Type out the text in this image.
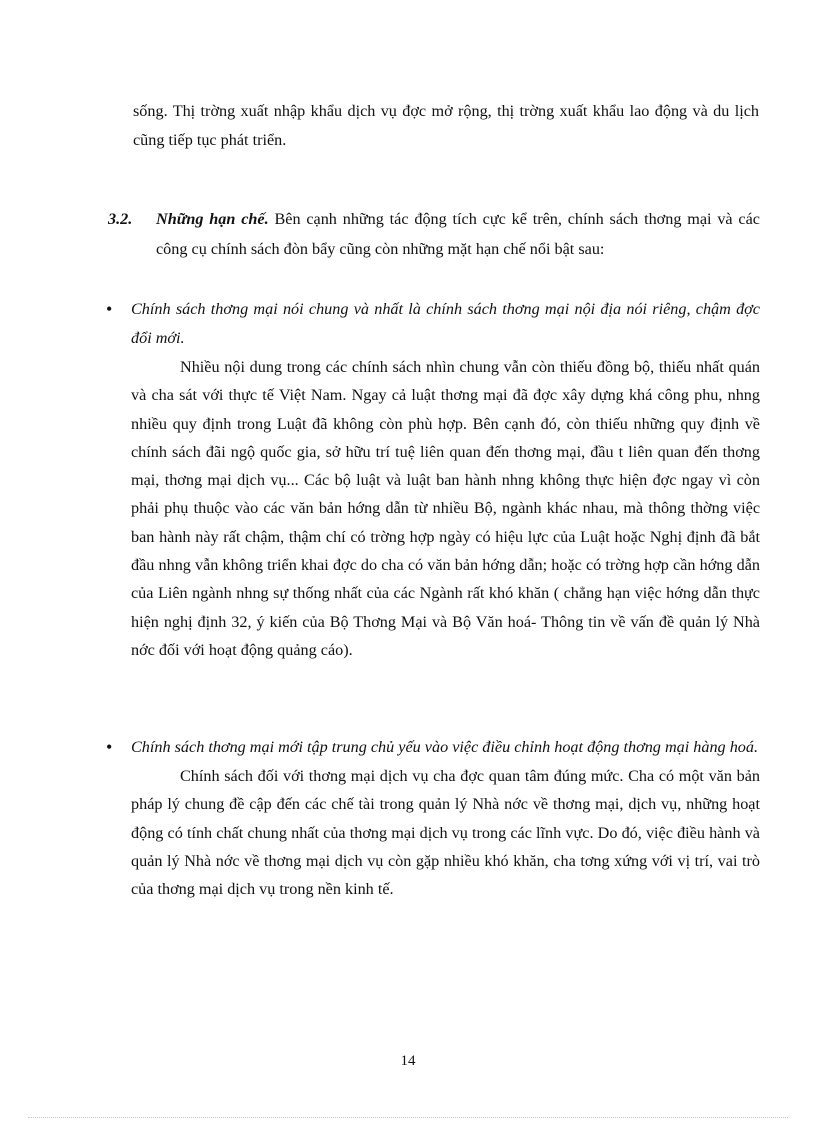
sống. Thị trờng xuất nhập khẩu dịch vụ đợc mở rộng, thị trờng xuất khẩu lao động và du lịch cũng tiếp tục phát triển.

3.2. Những hạn chế. Bên cạnh những tác động tích cực kể trên, chính sách thơng mại và các công cụ chính sách đòn bẩy cũng còn những mặt hạn chế nổi bật sau:

• Chính sách thơng mại nói chung và nhất là chính sách thơng mại nội địa nói riêng, chậm đợc đổi mới.

Nhiều nội dung trong các chính sách nhìn chung vẫn còn thiếu đồng bộ, thiếu nhất quán và cha sát với thực tế Việt Nam. Ngay cả luật thơng mại đã đợc xây dựng khá công phu, nhng nhiều quy định trong Luật đã không còn phù hợp. Bên cạnh đó, còn thiếu những quy định về chính sách đãi ngộ quốc gia, sở hữu trí tuệ liên quan đến thơng mại, đầu t liên quan đến thơng mại, thơng mại dịch vụ... Các bộ luật và luật ban hành nhng không thực hiện đợc ngay vì còn phải phụ thuộc vào các văn bản hớng dẫn từ nhiều Bộ, ngành khác nhau, mà thông thờng việc ban hành này rất chậm, thậm chí có trờng hợp ngày có hiệu lực của Luật hoặc Nghị định đã bắt đầu nhng vẫn không triển khai đợc do cha có văn bản hớng dẫn; hoặc có trờng hợp cần hớng dẫn của Liên ngành nhng sự thống nhất của các Ngành rất khó khăn ( chẳng hạn việc hớng dẫn thực hiện nghị định 32, ý kiến của Bộ Thơng Mại và Bộ Văn hoá- Thông tin về vấn đề quản lý Nhà nớc đối với hoạt động quảng cáo).

• Chính sách thơng mại mới tập trung chủ yếu vào việc điều chỉnh hoạt động thơng mại hàng hoá.

Chính sách đối với thơng mại dịch vụ cha đợc quan tâm đúng mức. Cha có một văn bản pháp lý chung đề cập đến các chế tài trong quản lý Nhà nớc về thơng mại, dịch vụ, những hoạt động có tính chất chung nhất của thơng mại dịch vụ trong các lĩnh vực. Do đó, việc điều hành và quản lý Nhà nớc về thơng mại dịch vụ còn gặp nhiều khó khăn, cha tơng xứng với vị trí, vai trò của thơng mại dịch vụ trong nền kinh tế.

14
